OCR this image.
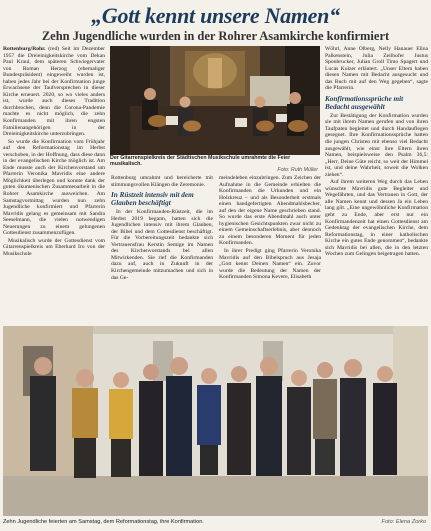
„Gott kennt unsere Namen“
Zehn Jugendliche wurden in der Rohrer Asamkirche konfirmiert

Rottenburg/Rohr. (red) Seit im Dezember 1957 die Dreieinigkeitskirche vom Dekan Paul Kraul, dem späteren Schwiegervater von Roman Herzog (ehemaliger Bundespräsident) eingeweiht wurden ist, haben jedes Jahr bei der Konfirmation junge Erwachsene der Taufversprechen in dieser Kirche erneuert. 2020, so wo vieles anders ist, wurde auch dieses Tradition durchbrochen, denn die Corona-Pandemie machte es nicht möglich, die zehn Konfirmanden mit ihren engsten Familienangehörigen in der Dreieinigkeitskirche unterzubringen.

So wurde die Konfirmation vom Frühjahr auf den Reformationstag im Herbst verschoben, in der Hoffnung, dass diese dann in der evangelischen Kirche möglich ist. Am Ende musste auch der Kirchenvorstand um Pfarrerin Veronika Mavridis eine andere Möglichkeit überlegen und konnte dank der guten ökumenischen Zusammenarbeit in die Rohrer Asamkirche ausweichen. Am Samstagvormittag wurden nun zehn Jugendliche konfirmiert und Pfarrerin Mavridis gelang es gemeinsam mit Sandra Seeselmann, die vielen notwendigen Neuerungen zu einem gelungenen Gottesdienst zusammenzufügen.

Musikalisch wurde der Gottesdienst vom Gitarrenspielkreis um Eberhard Iro von der Musikschule

Der Gitarrenspielkreis der Städtischen Musikschule umrahmte die Feier musikalisch.
Foto: Ruth Müller

Rottenburg umrahmt und bereicherte mit stimmungsvollen Klängen die Zeremonie.

In Rüstzeit intensiv mit dem Glauben beschäftigt

In der Konfirmanden-Rüstzeit, die im Herbst 2019 begann, hatten sich die Jugendlichen intensiv mit ihrem Glauben, der Bibel und dem Gottesdienst beschäftigt. Für die Vorbereitungszeit bedankte sich Vertrauensfrau Kerstin Semige im Namen des Kirchenvorstands bei allen Mitwirkenden. Sie rief die Konfirmanden dazu auf, auch in Zukunft in der Kirchengemeinde mitzumachen und sich in das Ge-

meindeleben einzubringen. Zum Zeichen der Aufnahme in die Gemeinde erhielten die Konfirmanden die Urkunden und ein Holzkreuz – und als Besonderheit erstmals einen handgefertigten Abendmahlsbecher, auf den der eigene Name geschrieben stand. So wurde das erste Abendmahl auch unter hygienischen Gesichtspunkten zwar nicht zu einem Gemeinschaftserlebnis, aber dennoch zu einem besonderen Moment für jeden Konfirmanden.

In ihrer Predigt ging Pfarrerin Veronika Mavridis auf den Bibelspruch aus Jesaja „Gott kennt Deinen Namen“ ein. Zuvor wurde die Bedeutung der Namen der Konfirmanden Simona Kevere, Elisabeth

Wöhrl, Anne Olberg, Nelly Hanauer Elina Palkenstein, Julia Zeilhofer Justus Sponbrucker, Julian Groll Timo Spagert und Lucas Kulzer erläutert. „Unser Eltern haben diesen Namen mit Bedacht ausgesucht und das Buch mit auf den Weg gegeben“, sagte die Pfarrerin.

Konfirmationssprüche mit Bedacht ausgewählt

Zur Bestätigung der Konfirmation wurden sie mit ihrem Namen gerufen und von ihren Taufpaten begleitet und durch Handauflegen gesegnet. Ihre Konfirmationssprüche hatten die jungen Christen mit ebenso viel Bedacht ausgewählt, wie einst ihre Eltern ihren Namen, beispielsweise den Psalm 36,5: „Herr, Deine Güte reicht, so weit der Himmel ist, und deine Wahrheit, soweit die Wolken ziehen“.

Auf ihrem weiteren Weg durch das Leben wünschte Mavridis gute Begleiter und Wegefährten, und das Vertrauen in Gott, der alle Namen kennt und dessen Ja ein Leben lang gilt. „Eine ungewöhnliche Konfirmation geht zu Ende, aber erst nur ein Konfirmandenzeit hat einen Gottesdienst am Gedenktag der evangelischen Kirche, dem Reformationstag, in einer katholischen Kirche ein gutes Ende genommen“, bedankte sich Mavridis bei allen, die in den letzten Wochen zum Gelingen beigetragen hatten.

Zehn Jugendliche feierten am Samstag, dem Reformationstag, ihre Konfirmation.	Foto: Elena Zorko
